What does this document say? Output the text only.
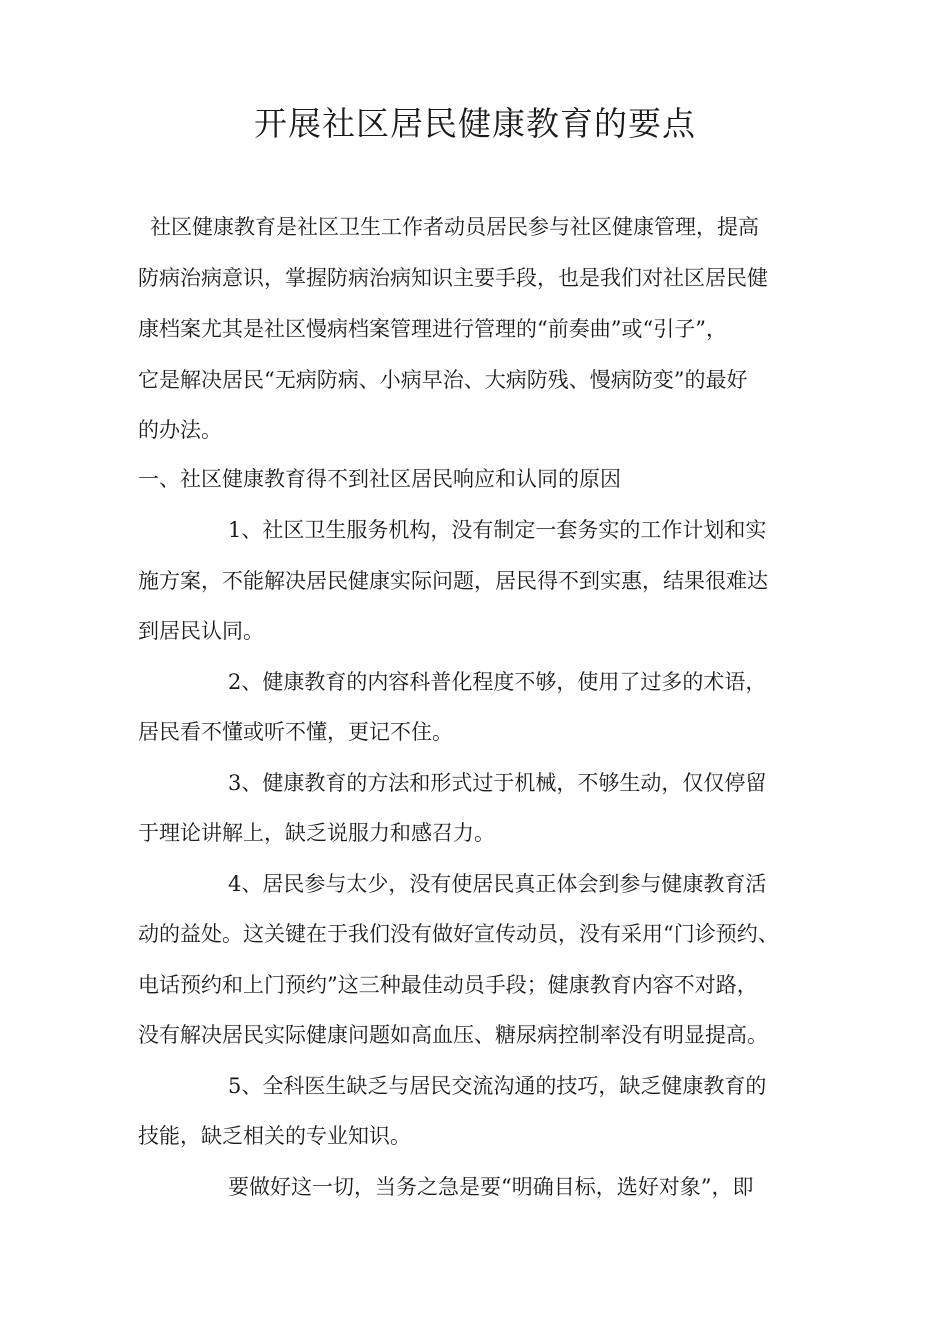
开展社区居民健康教育的要点

社区健康教育是社区卫生工作者动员居民参与社区健康管理，提高

防病治病意识，掌握防病治病知识主要手段，也是我们对社区居民健

康档案尤其是社区慢病档案管理进行管理的“前奏曲”或“引子”，

它是解决居民“无病防病、小病早治、大病防残、慢病防变”的最好

的办法。

一、社区健康教育得不到社区居民响应和认同的原因

1、社区卫生服务机构，没有制定一套务实的工作计划和实

施方案，不能解决居民健康实际问题，居民得不到实惠，结果很难达

到居民认同。

2、健康教育的内容科普化程度不够，使用了过多的术语，

居民看不懂或听不懂，更记不住。

3、健康教育的方法和形式过于机械，不够生动，仅仅停留

于理论讲解上，缺乏说服力和感召力。

4、居民参与太少，没有使居民真正体会到参与健康教育活

动的益处。这关键在于我们没有做好宣传动员，没有采用“门诊预约、

电话预约和上门预约”这三种最佳动员手段；健康教育内容不对路，

没有解决居民实际健康问题如高血压、糖尿病控制率没有明显提高。

5、全科医生缺乏与居民交流沟通的技巧，缺乏健康教育的

技能，缺乏相关的专业知识。

要做好这一切，当务之急是要“明确目标，选好对象”，即
